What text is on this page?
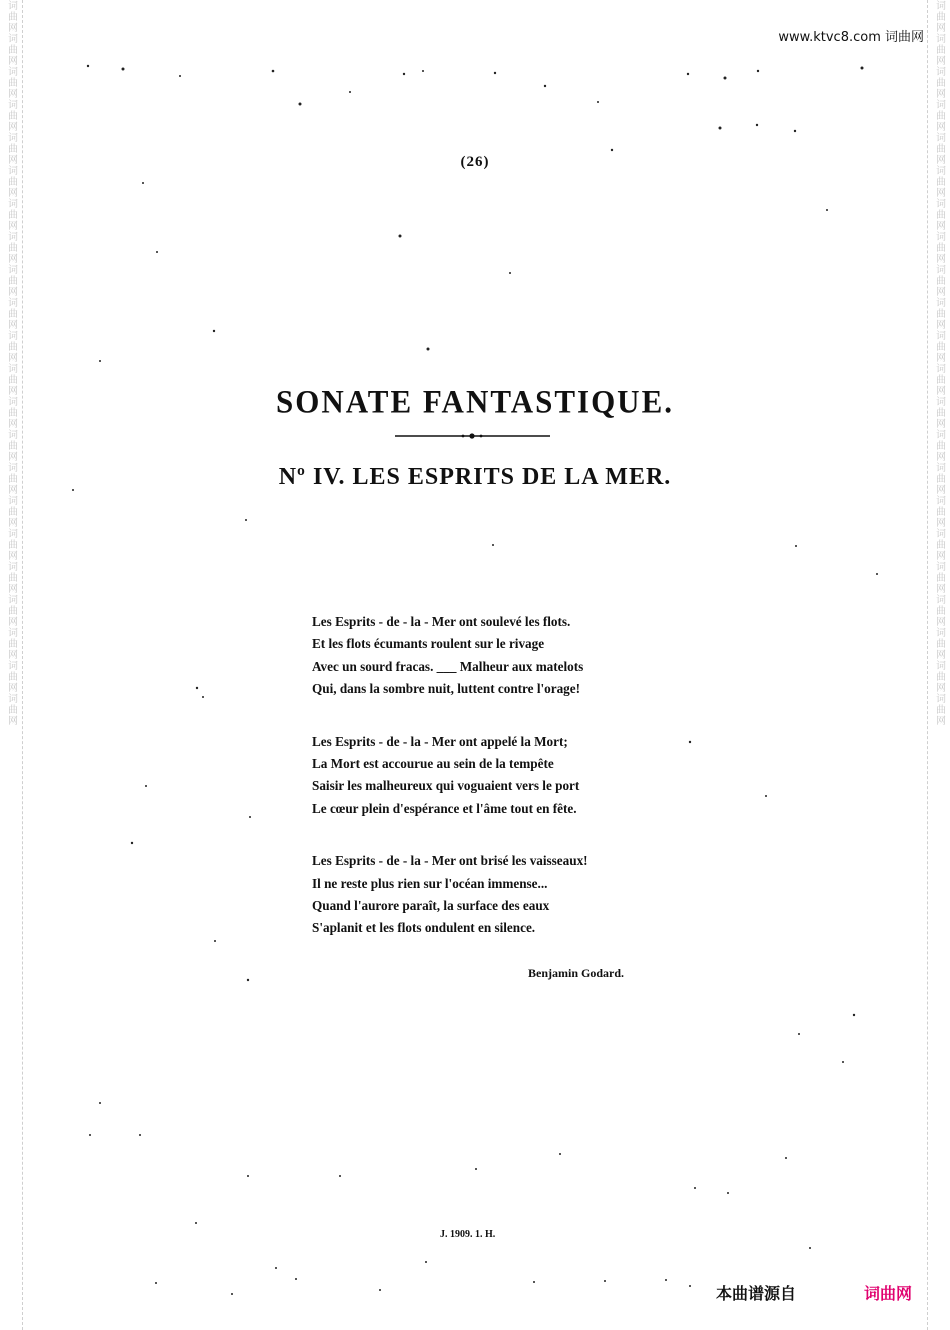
词曲网
词曲网
词曲网
词曲网
词曲网
词曲网
词曲网
词曲网
词曲网
词曲网
词曲网
词曲网
词曲网
词曲网
词曲网
词曲网
词曲网
词曲网
词曲网
词曲网
词曲网
词曲网
词曲网
词曲网
词曲网
词曲网
词曲网
词曲网
词曲网
词曲网
词曲网
词曲网
词曲网
词曲网
词曲网
词曲网
词曲网
词曲网
词曲网
词曲网
词曲网
词曲网
词曲网
词曲网
www.ktvc8.com 词曲网
(26)
SONATE FANTASTIQUE.
Nº IV. LES ESPRITS DE LA MER.
Les Esprits - de - la - Mer ont soulevé les flots.
Et les flots écumants roulent sur le rivage
Avec un sourd fracas. ___ Malheur aux matelots
Qui, dans la sombre nuit, luttent contre l'orage!
Les Esprits - de - la - Mer ont appelé la Mort;
La Mort est accourue au sein de la tempête
Saisir les malheureux qui voguaient vers le port
Le cœur plein d'espérance et l'âme tout en fête.
Les Esprits - de - la - Mer ont brisé les vaisseaux!
Il ne reste plus rien sur l'océan immense...
Quand l'aurore paraît, la surface des eaux
S'aplanit et les flots ondulent en silence.
Benjamin Godard.
J. 1909. 1. H.
本曲谱源自	词曲网
